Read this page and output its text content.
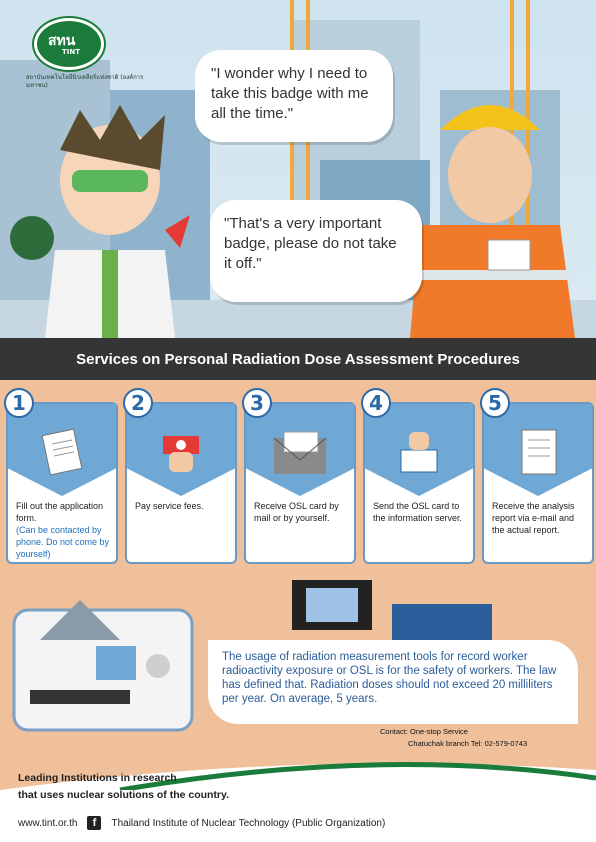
สทน
TINT
สถาบันเทคโนโลยีนิวเคลียร์แห่งชาติ (องค์การมหาชน)
"I wonder why I need to take this badge with me all the time."
"That's a very important badge, please do not take it off."
Services on Personal Radiation Dose Assessment Procedures
1
Fill out the application form.
(Can be contacted by phone. Do not come by yourself)
2
Pay service fees.
3
Receive OSL card by mail or by yourself.
4
Send the OSL card to the information server.
5
Receive the analysis report via e-mail and the actual report.
The usage of radiation measurement tools for record worker radioactivity exposure or OSL is for the safety of workers. The law has defined that. Radiation doses should not exceed 20 milliliters per year. On average, 5 years.
Contact: One-stop Service
Chatuchak branch Tel: 02-579-0743
Leading Institutions in research
that uses nuclear solutions of the country.
www.tint.or.th	f	Thailand Institute of Nuclear Technology (Public Organization)
